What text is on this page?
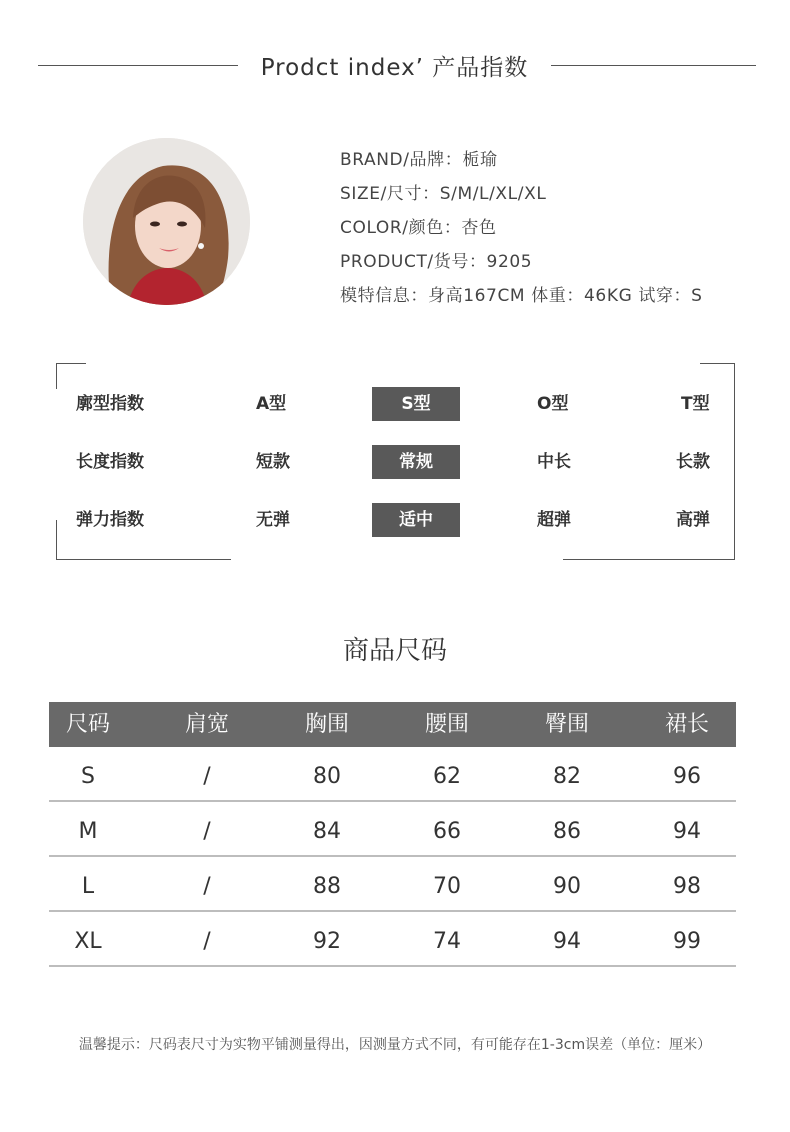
Prodct index’ 产品指数
BRAND/品牌：栀瑜
SIZE/尺寸：S/M/L/XL/XL
COLOR/颜色：杏色
PRODUCT/货号：9205
模特信息：身高167CM 体重：46KG 试穿：S
廓型指数	A型	S型	O型	T型
长度指数	短款	常规	中长	长款
弹力指数	无弹	适中	超弹	高弹
商品尺码
尺码	肩宽	胸围	腰围	臀围	裙长
S	/	80	62	82	96
M	/	84	66	86	94
L	/	88	70	90	98
XL	/	92	74	94	99
温馨提示：尺码表尺寸为实物平铺测量得出，因测量方式不同，有可能存在1-3cm误差（单位：厘米）
